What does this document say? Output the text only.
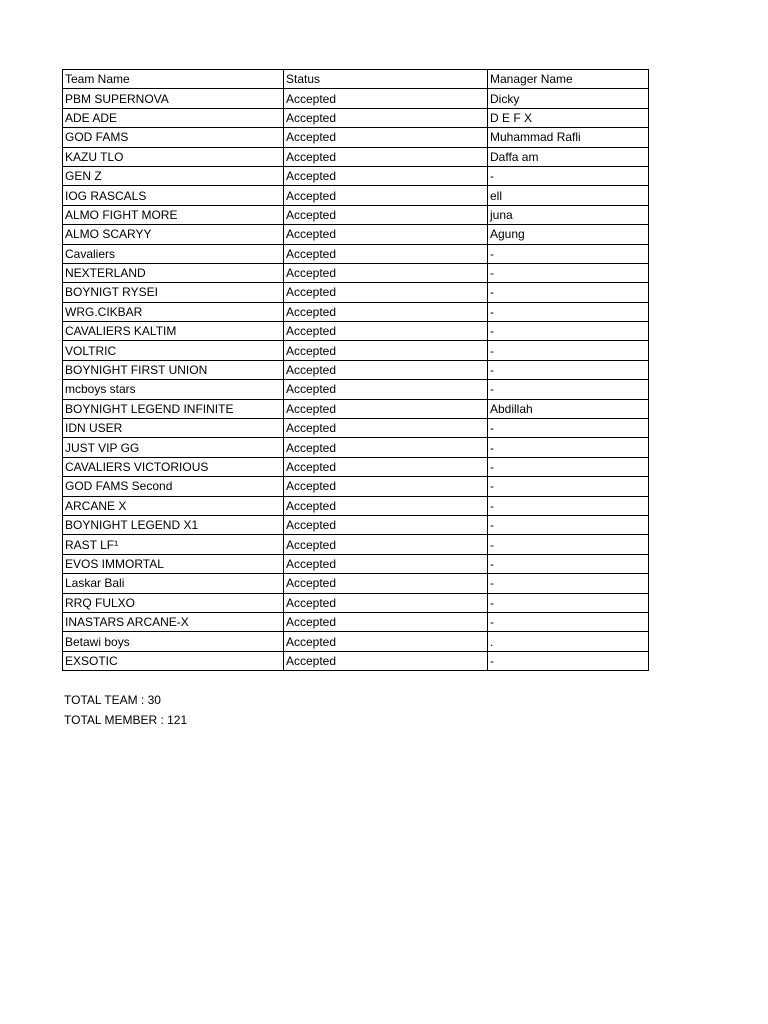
Team Name	Status	Manager Name
PBM SUPERNOVA	Accepted	Dicky
ADE ADE	Accepted	D E F X
GOD FAMS	Accepted	Muhammad Rafli
KAZU TLO	Accepted	Daffa am
GEN Z	Accepted	-
IOG RASCALS	Accepted	ell
ALMO FIGHT MORE	Accepted	juna
ALMO SCARYY	Accepted	Agung
Cavaliers	Accepted	-
NEXTERLAND	Accepted	-
BOYNIGT RYSEI	Accepted	-
WRG.CIKBAR	Accepted	-
CAVALIERS KALTIM	Accepted	-
VOLTRIC	Accepted	-
BOYNIGHT FIRST UNION	Accepted	-
mcboys stars	Accepted	-
BOYNIGHT LEGEND INFINITE	Accepted	Abdillah
IDN USER	Accepted	-
JUST VIP GG	Accepted	-
CAVALIERS VICTORIOUS	Accepted	-
GOD FAMS Second	Accepted	-
ARCANE X	Accepted	-
BOYNIGHT LEGEND X1	Accepted	-
RAST LF¹	Accepted	-
EVOS IMMORTAL	Accepted	-
Laskar Bali	Accepted	-
RRQ FULXO	Accepted	-
INASTARS ARCANE-X	Accepted	-
Betawi boys	Accepted	.
EXSOTIC	Accepted	-
TOTAL TEAM : 30
TOTAL MEMBER : 121
